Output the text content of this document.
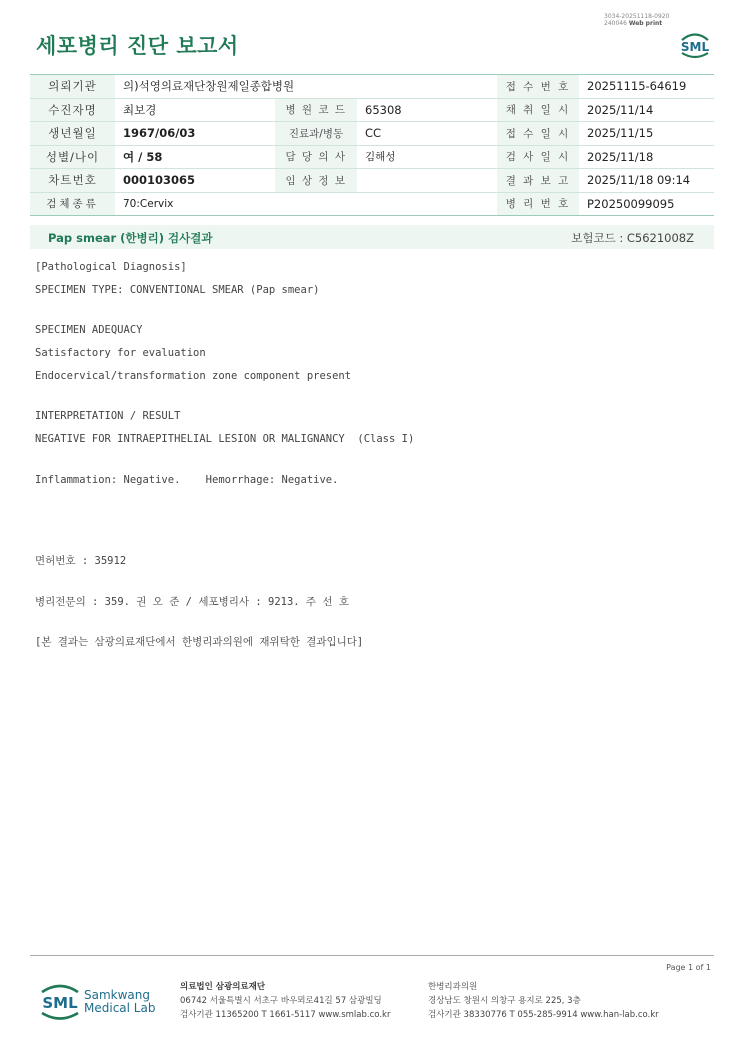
세포병리 진단 보고서
3034-20251118-0920
240046 Web print
SML
의뢰기관	의)석영의료재단창원제일종합병원			접 수 번 호	20251115-64619
수진자명	최보경	병 원 코 드	65308	채 취 일 시	2025/11/14
생년월일	1967/06/03	진료과/병동	CC	접 수 일 시	2025/11/15
성별/나이	여 / 58	담 당 의 사	김해성	검 사 일 시	2025/11/18
차트번호	000103065	임 상 정 보		결 과 보 고	2025/11/18 09:14
검체종류	70:Cervix			병 리 번 호	P20250099095
Pap smear (한병리) 검사결과	보험코드 : C5621008Z
[Pathological Diagnosis]
SPECIMEN TYPE: CONVENTIONAL SMEAR (Pap smear)
SPECIMEN ADEQUACY
Satisfactory for evaluation
Endocervical/transformation zone component present
INTERPRETATION / RESULT
NEGATIVE FOR INTRAEPITHELIAL LESION OR MALIGNANCY  (Class I)
Inflammation: Negative.    Hemorrhage: Negative.
면허번호 : 35912
병리전문의 : 359. 권 오 준 / 세포병리사 : 9213. 주 선 호
[본 결과는 삼광의료재단에서 한병리과의원에 재위탁한 결과입니다]
Page 1 of 1
SML Samkwang
Medical Lab
의료법인 삼광의료재단
06742 서울특별시 서초구 바우뫼로41길 57 삼광빌딩
검사기관 11365200 T 1661-5117 www.smlab.co.kr
한병리과의원
경상남도 창원시 의창구 용지로 225, 3층
검사기관 38330776 T 055-285-9914 www.han-lab.co.kr
